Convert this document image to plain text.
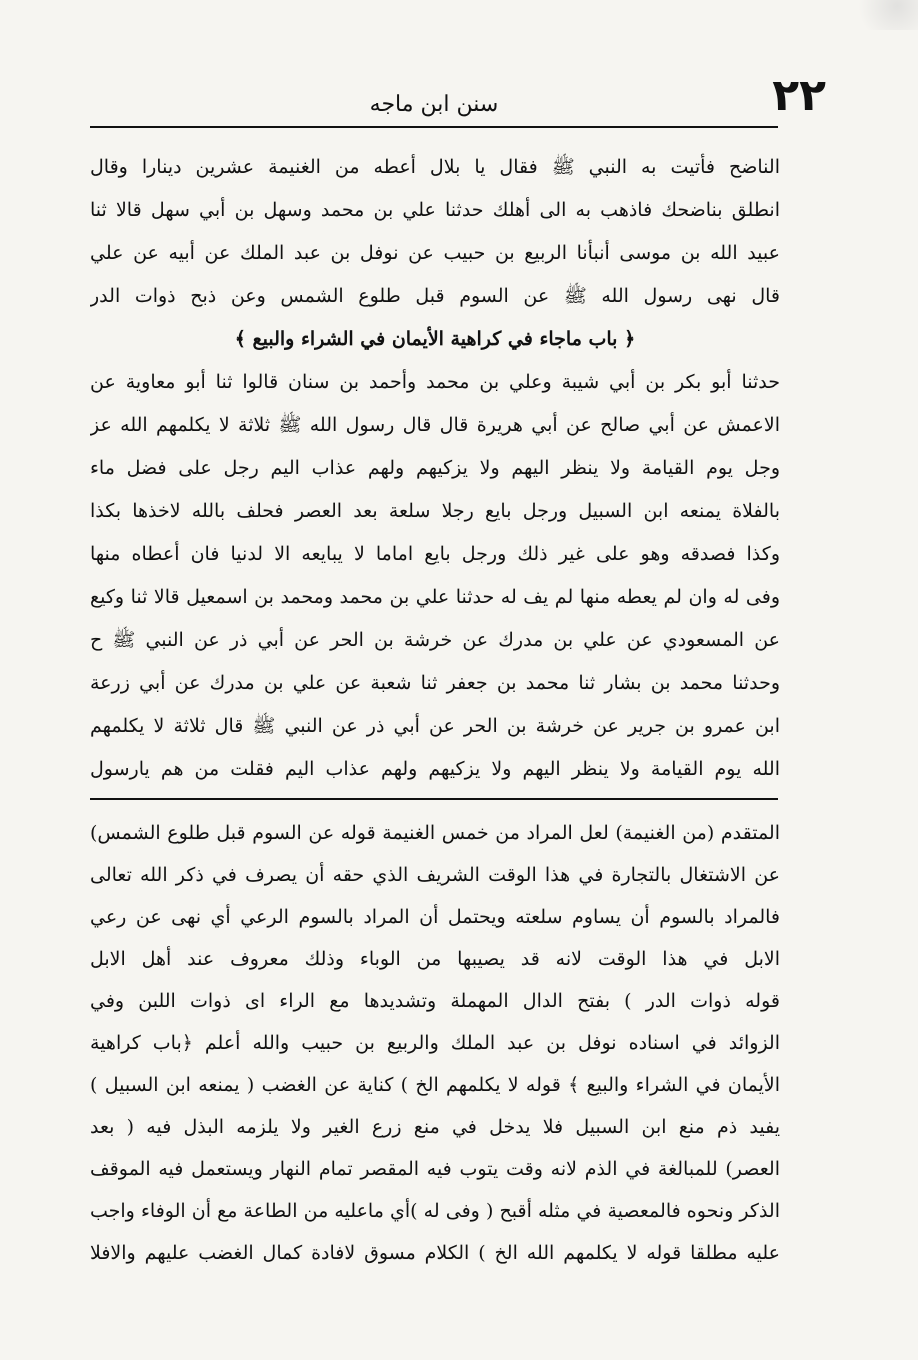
سنن ابن ماجه	٢٢
الناضح فأتيت به النبي ﷺ فقال يا بلال أعطه من الغنيمة عشرين دينارا وقال
انطلق بناضحك فاذهب به الى أهلك حدثنا علي بن محمد وسهل بن أبي سهل قالا ثنا
عبيد الله بن موسى أنبأنا الربيع بن حبيب عن نوفل بن عبد الملك عن أبيه عن علي
قال نهى رسول الله ﷺ عن السوم قبل طلوع الشمس وعن ذبح ذوات الدر
﴿ باب ماجاء في كراهية الأيمان في الشراء والبيع ﴾
حدثنا أبو بكر بن أبي شيبة وعلي بن محمد وأحمد بن سنان قالوا ثنا أبو معاوية عن
الاعمش عن أبي صالح عن أبي هريرة قال قال رسول الله ﷺ ثلاثة لا يكلمهم الله عز
وجل يوم القيامة ولا ينظر اليهم ولا يزكيهم ولهم عذاب اليم رجل على فضل ماء
بالفلاة يمنعه ابن السبيل ورجل بايع رجلا سلعة بعد العصر فحلف بالله لاخذها بكذا
وكذا فصدقه وهو على غير ذلك ورجل بايع اماما لا يبايعه الا لدنيا فان أعطاه منها
وفى له وان لم يعطه منها لم يف له حدثنا علي بن محمد ومحمد بن اسمعيل قالا ثنا وكيع
عن المسعودي عن علي بن مدرك عن خرشة بن الحر عن أبي ذر عن النبي ﷺ ح
وحدثنا محمد بن بشار ثنا محمد بن جعفر ثنا شعبة عن علي بن مدرك عن أبي زرعة
ابن عمرو بن جرير عن خرشة بن الحر عن أبي ذر عن النبي ﷺ قال ثلاثة لا يكلمهم
الله يوم القيامة ولا ينظر اليهم ولا يزكيهم ولهم عذاب اليم فقلت من هم يارسول
المتقدم (من الغنيمة) لعل المراد من خمس الغنيمة قوله عن السوم قبل طلوع الشمس)
عن الاشتغال بالتجارة في هذا الوقت الشريف الذي حقه أن يصرف في ذكر الله تعالى
فالمراد بالسوم أن يساوم سلعته ويحتمل أن المراد بالسوم الرعي أي نهى عن رعي
الابل في هذا الوقت لانه قد يصيبها من الوباء وذلك معروف عند أهل الابل
قوله ذوات الدر ) بفتح الدال المهملة وتشديدها مع الراء اى ذوات اللبن وفي
الزوائد في اسناده نوفل بن عبد الملك والربيع بن حبيب والله أعلم ﴿باب كراهية
الأيمان في الشراء والبيع ﴾ قوله لا يكلمهم الخ ) كناية عن الغضب ( يمنعه ابن السبيل )
يفيد ذم منع ابن السبيل فلا يدخل في منع زرع الغير ولا يلزمه البذل فيه ( بعد
العصر) للمبالغة في الذم لانه وقت يتوب فيه المقصر تمام النهار ويستعمل فيه الموقف
الذكر ونحوه فالمعصية في مثله أقبح ( وفى له )أي ماعليه من الطاعة مع أن الوفاء واجب
عليه مطلقا قوله لا يكلمهم الله الخ ) الكلام مسوق لافادة كمال الغضب عليهم والافلا
